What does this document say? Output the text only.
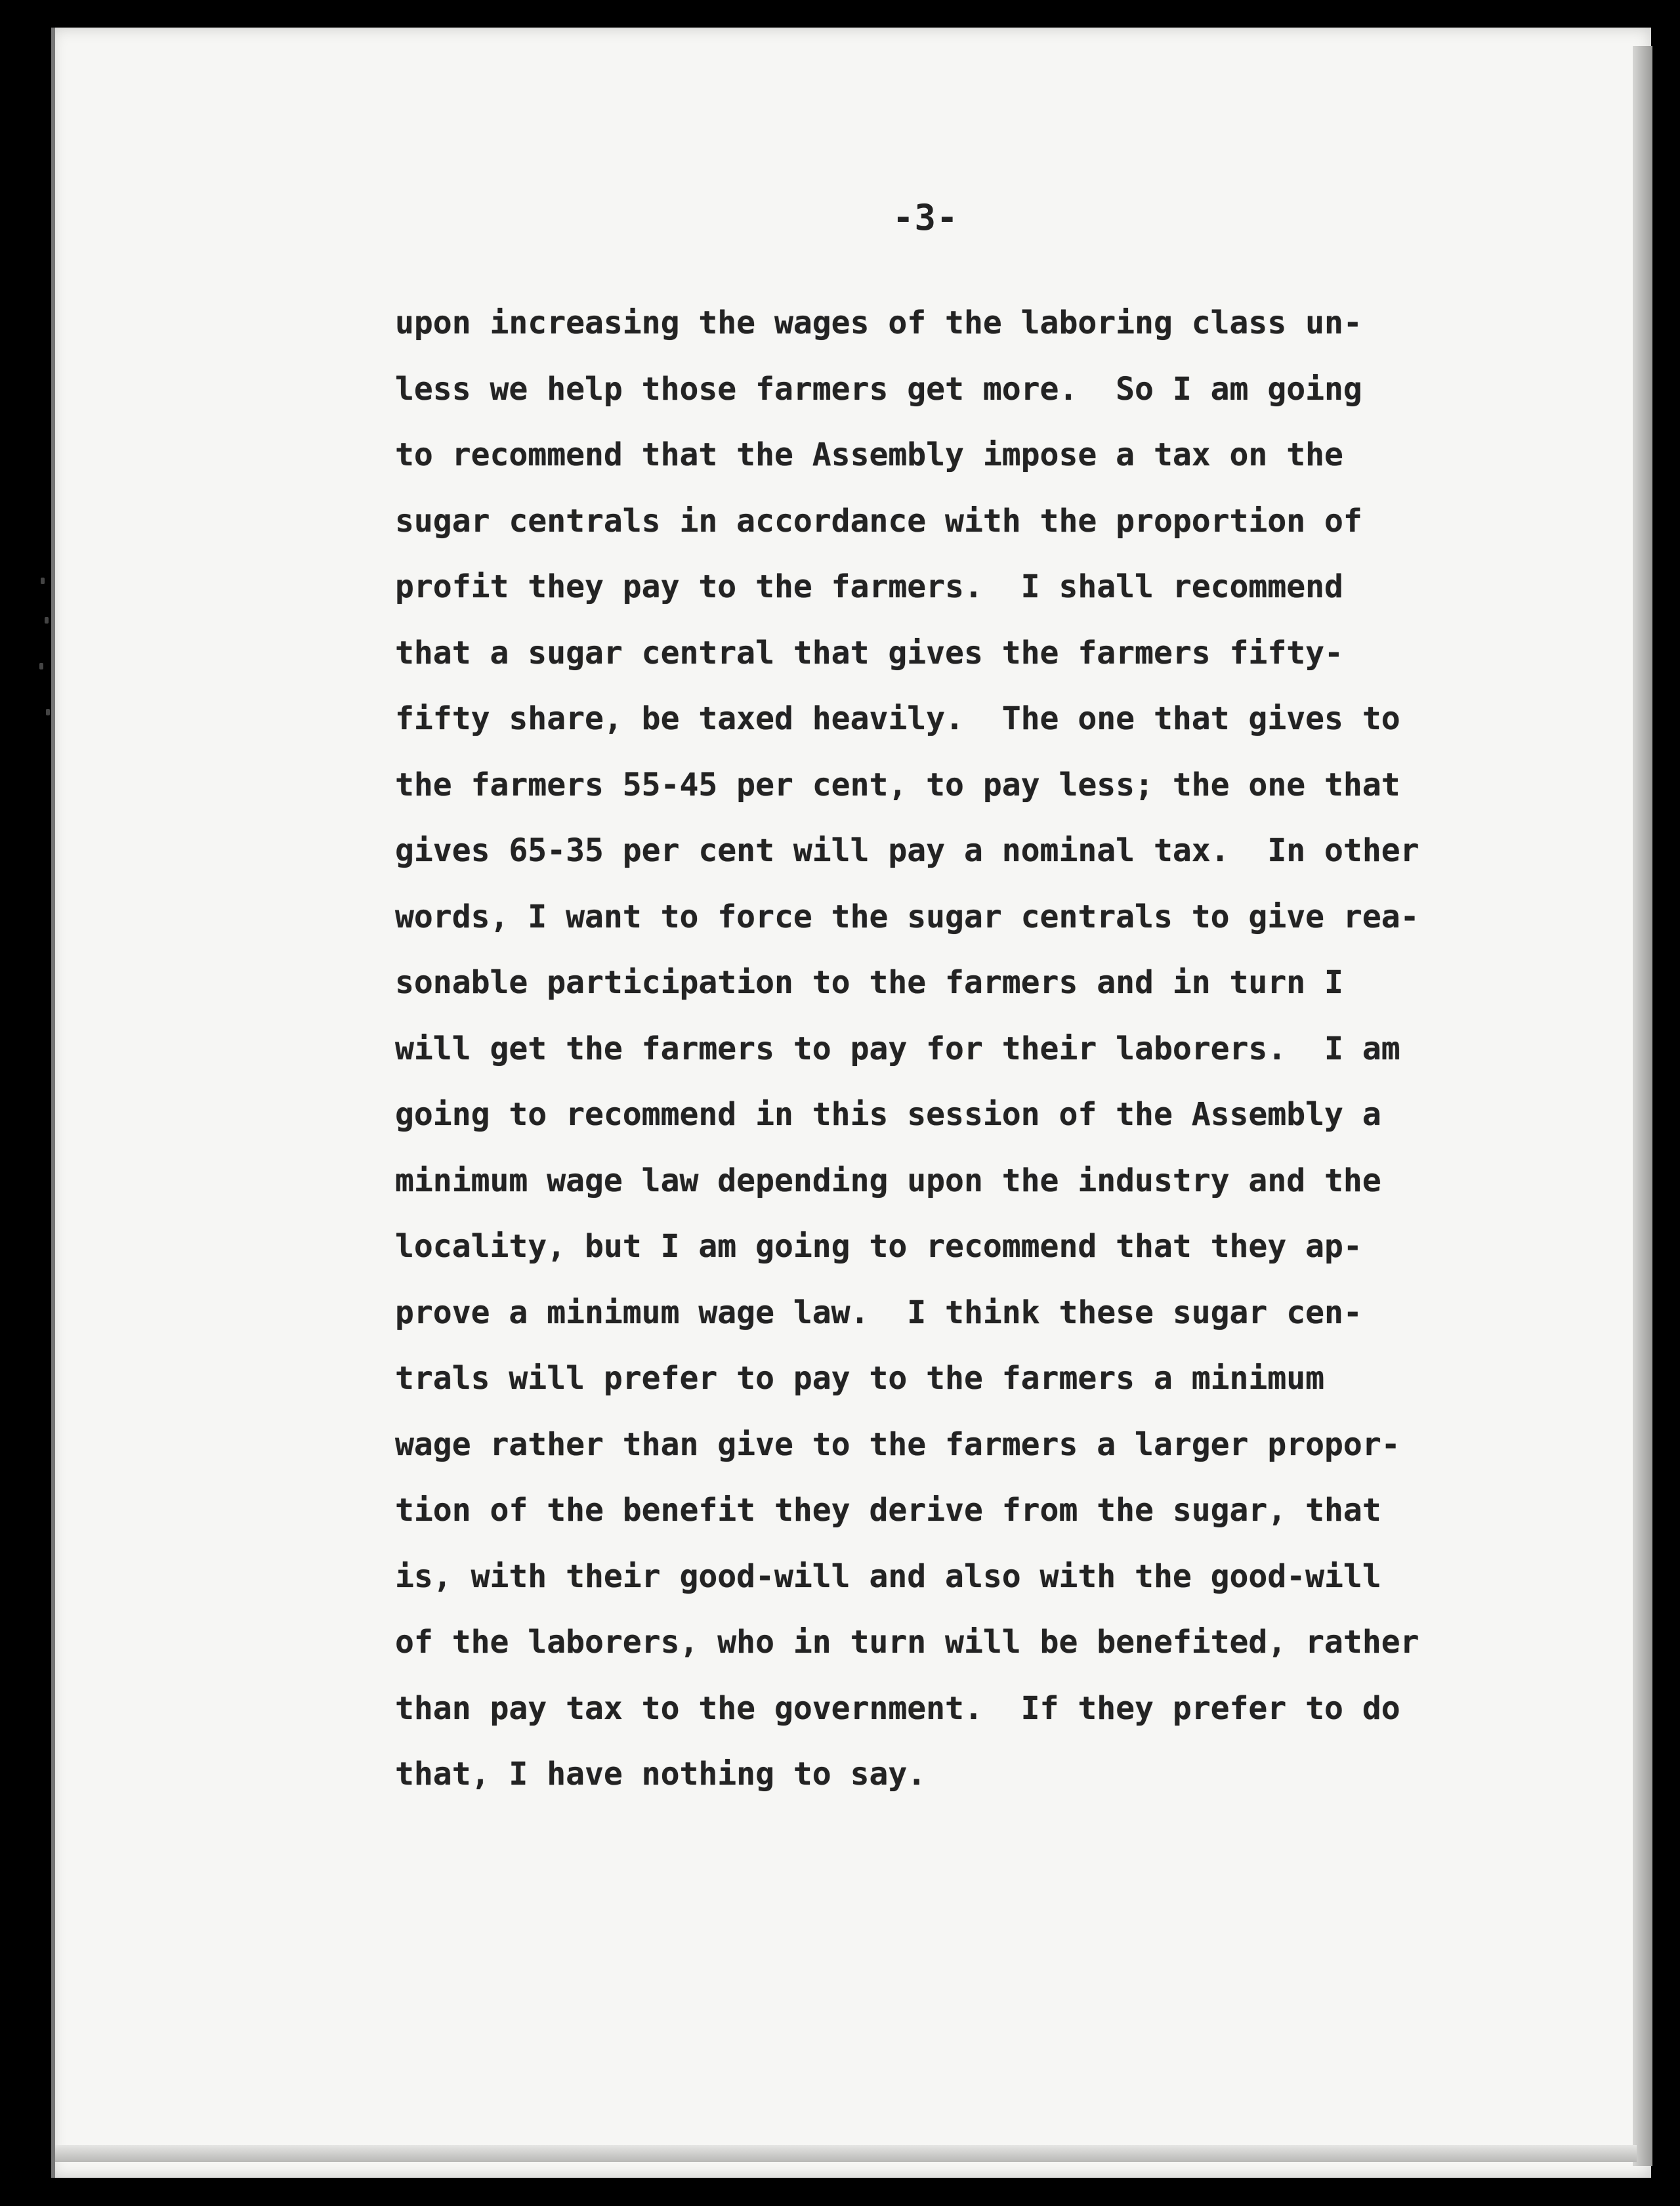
-3-
upon increasing the wages of the laboring class un-
less we help those farmers get more.  So I am going
to recommend that the Assembly impose a tax on the
sugar centrals in accordance with the proportion of
profit they pay to the farmers.  I shall recommend
that a sugar central that gives the farmers fifty-
fifty share, be taxed heavily.  The one that gives to
the farmers 55-45 per cent, to pay less; the one that
gives 65-35 per cent will pay a nominal tax.  In other
words, I want to force the sugar centrals to give rea-
sonable participation to the farmers and in turn I
will get the farmers to pay for their laborers.  I am
going to recommend in this session of the Assembly a
minimum wage law depending upon the industry and the
locality, but I am going to recommend that they ap-
prove a minimum wage law.  I think these sugar cen-
trals will prefer to pay to the farmers a minimum
wage rather than give to the farmers a larger propor-
tion of the benefit they derive from the sugar, that
is, with their good-will and also with the good-will
of the laborers, who in turn will be benefited, rather
than pay tax to the government.  If they prefer to do
that, I have nothing to say.
